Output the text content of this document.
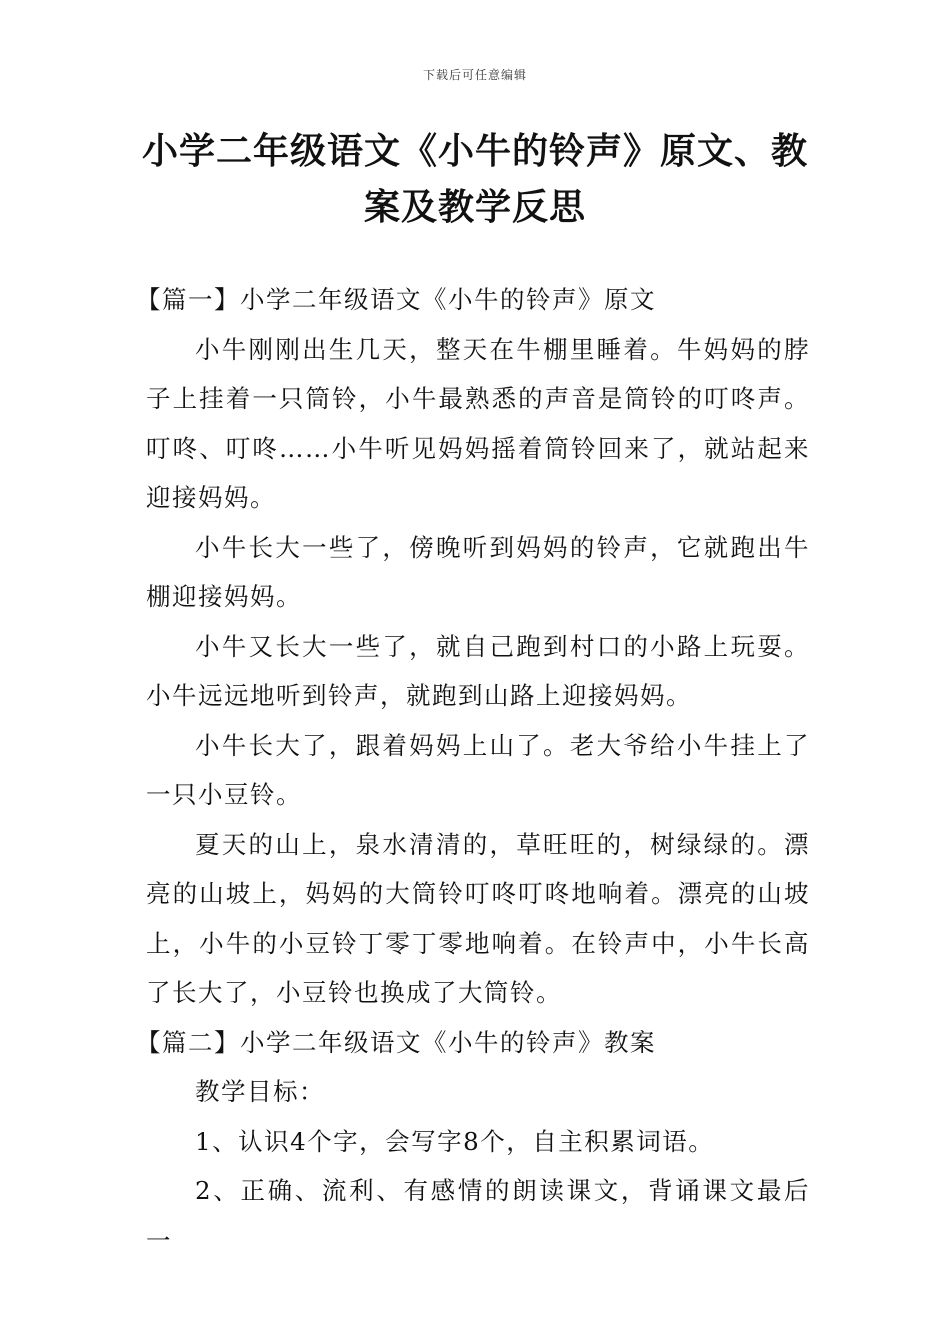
下载后可任意编辑
小学二年级语文《小牛的铃声》原文、教案及教学反思

【篇一】小学二年级语文《小牛的铃声》原文

小牛刚刚出生几天，整天在牛棚里睡着。牛妈妈的脖子上挂着一只筒铃，小牛最熟悉的声音是筒铃的叮咚声。叮咚、叮咚……小牛听见妈妈摇着筒铃回来了，就站起来迎接妈妈。

小牛长大一些了，傍晚听到妈妈的铃声，它就跑出牛棚迎接妈妈。

小牛又长大一些了，就自己跑到村口的小路上玩耍。小牛远远地听到铃声，就跑到山路上迎接妈妈。

小牛长大了，跟着妈妈上山了。老大爷给小牛挂上了一只小豆铃。

夏天的山上，泉水清清的，草旺旺的，树绿绿的。漂亮的山坡上，妈妈的大筒铃叮咚叮咚地响着。漂亮的山坡上，小牛的小豆铃丁零丁零地响着。在铃声中，小牛长高了长大了，小豆铃也换成了大筒铃。

【篇二】小学二年级语文《小牛的铃声》教案

教学目标：

1、认识4个字，会写字8个，自主积累词语。

2、正确、流利、有感情的朗读课文，背诵课文最后一
